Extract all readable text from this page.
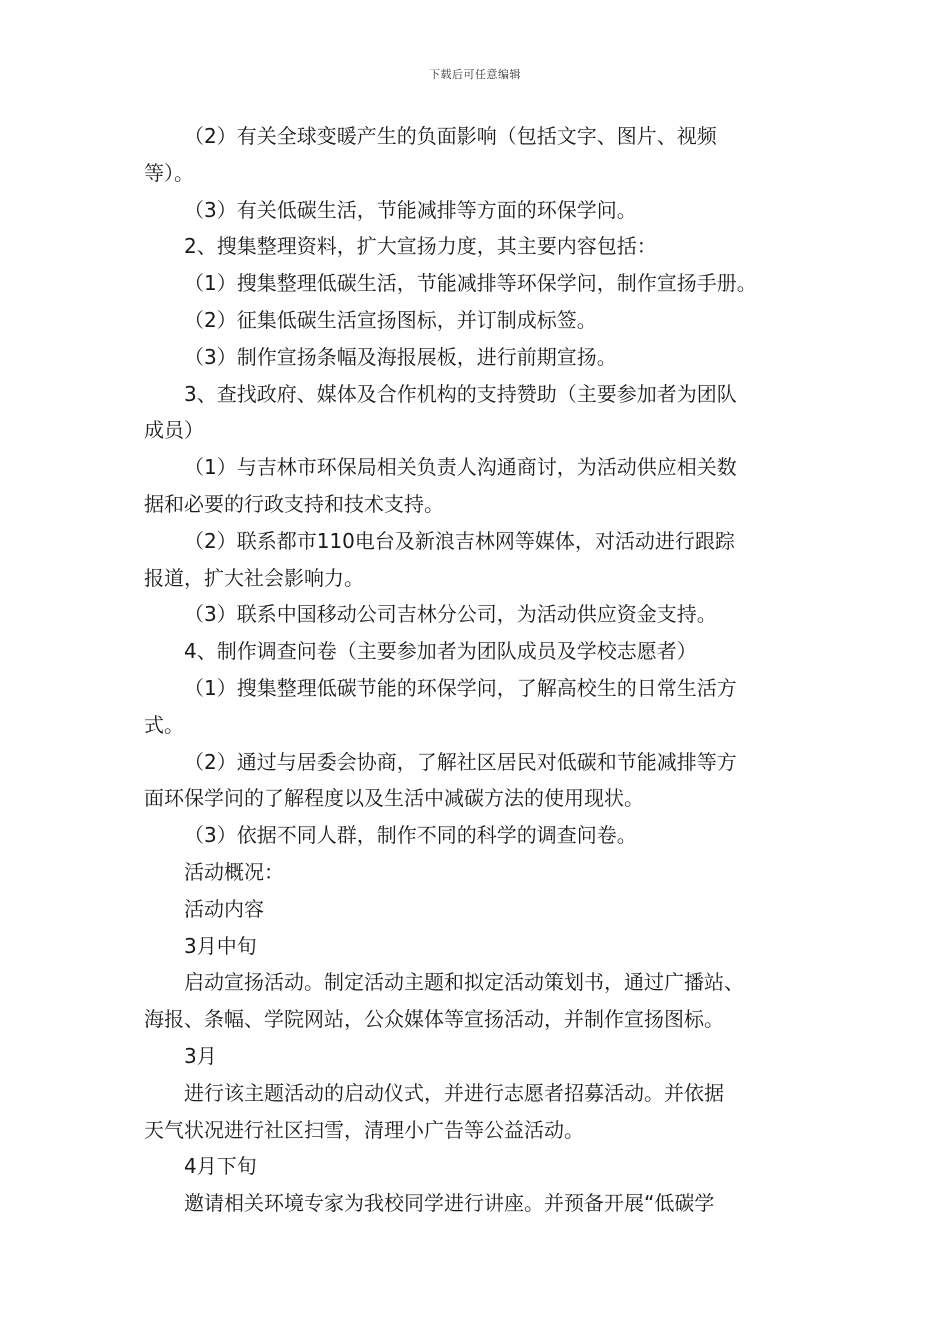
下载后可任意编辑
（2）有关全球变暖产生的负面影响（包括文字、图片、视频
等）。
（3）有关低碳生活，节能减排等方面的环保学问。
2、搜集整理资料，扩大宣扬力度，其主要内容包括：
（1）搜集整理低碳生活，节能减排等环保学问，制作宣扬手册。
（2）征集低碳生活宣扬图标，并订制成标签。
（3）制作宣扬条幅及海报展板，进行前期宣扬。
3、查找政府、媒体及合作机构的支持赞助（主要参加者为团队
成员）
（1）与吉林市环保局相关负责人沟通商讨，为活动供应相关数
据和必要的行政支持和技术支持。
（2）联系都市110电台及新浪吉林网等媒体，对活动进行跟踪
报道，扩大社会影响力。
（3）联系中国移动公司吉林分公司，为活动供应资金支持。
4、制作调查问卷（主要参加者为团队成员及学校志愿者）
（1）搜集整理低碳节能的环保学问，了解高校生的日常生活方
式。
（2）通过与居委会协商，了解社区居民对低碳和节能减排等方
面环保学问的了解程度以及生活中减碳方法的使用现状。
（3）依据不同人群，制作不同的科学的调查问卷。
活动概况：
活动内容
3月中旬
启动宣扬活动。制定活动主题和拟定活动策划书，通过广播站、
海报、条幅、学院网站，公众媒体等宣扬活动，并制作宣扬图标。
3月
进行该主题活动的启动仪式，并进行志愿者招募活动。并依据
天气状况进行社区扫雪，清理小广告等公益活动。
4月下旬
邀请相关环境专家为我校同学进行讲座。并预备开展“低碳学
